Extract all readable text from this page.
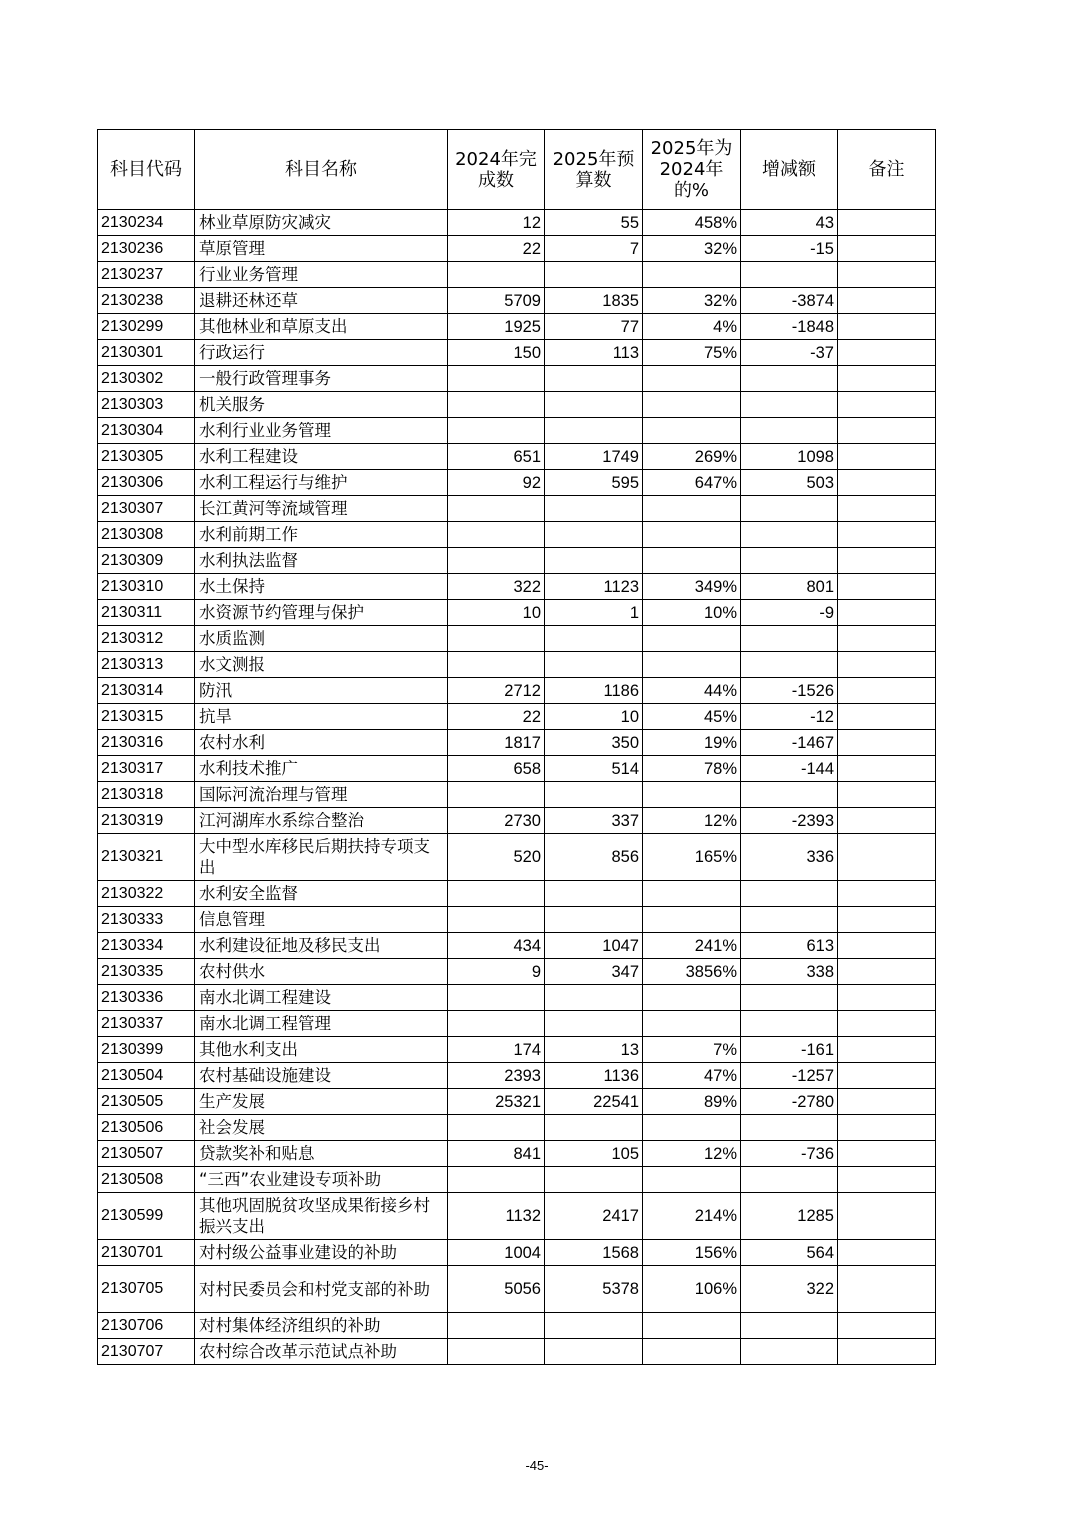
科目代码	科目名称	2024年完成数	2025年预算数	2025年为2024年的%	增减额	备注
2130234	林业草原防灾减灾	12	55	458%	43	
2130236	草原管理	22	7	32%	-15	
2130237	行业业务管理					
2130238	退耕还林还草	5709	1835	32%	-3874	
2130299	其他林业和草原支出	1925	77	4%	-1848	
2130301	行政运行	150	113	75%	-37	
2130302	一般行政管理事务					
2130303	机关服务					
2130304	水利行业业务管理					
2130305	水利工程建设	651	1749	269%	1098	
2130306	水利工程运行与维护	92	595	647%	503	
2130307	长江黄河等流域管理					
2130308	水利前期工作					
2130309	水利执法监督					
2130310	水土保持	322	1123	349%	801	
2130311	水资源节约管理与保护	10	1	10%	-9	
2130312	水质监测					
2130313	水文测报					
2130314	防汛	2712	1186	44%	-1526	
2130315	抗旱	22	10	45%	-12	
2130316	农村水利	1817	350	19%	-1467	
2130317	水利技术推广	658	514	78%	-144	
2130318	国际河流治理与管理					
2130319	江河湖库水系综合整治	2730	337	12%	-2393	
2130321	大中型水库移民后期扶持专项支出	520	856	165%	336	
2130322	水利安全监督					
2130333	信息管理					
2130334	水利建设征地及移民支出	434	1047	241%	613	
2130335	农村供水	9	347	3856%	338	
2130336	南水北调工程建设					
2130337	南水北调工程管理					
2130399	其他水利支出	174	13	7%	-161	
2130504	农村基础设施建设	2393	1136	47%	-1257	
2130505	生产发展	25321	22541	89%	-2780	
2130506	社会发展					
2130507	贷款奖补和贴息	841	105	12%	-736	
2130508	“三西”农业建设专项补助					
2130599	其他巩固脱贫攻坚成果衔接乡村振兴支出	1132	2417	214%	1285	
2130701	对村级公益事业建设的补助	1004	1568	156%	564	
2130705	对村民委员会和村党支部的补助	5056	5378	106%	322	
2130706	对村集体经济组织的补助					
2130707	农村综合改革示范试点补助					
-45-
